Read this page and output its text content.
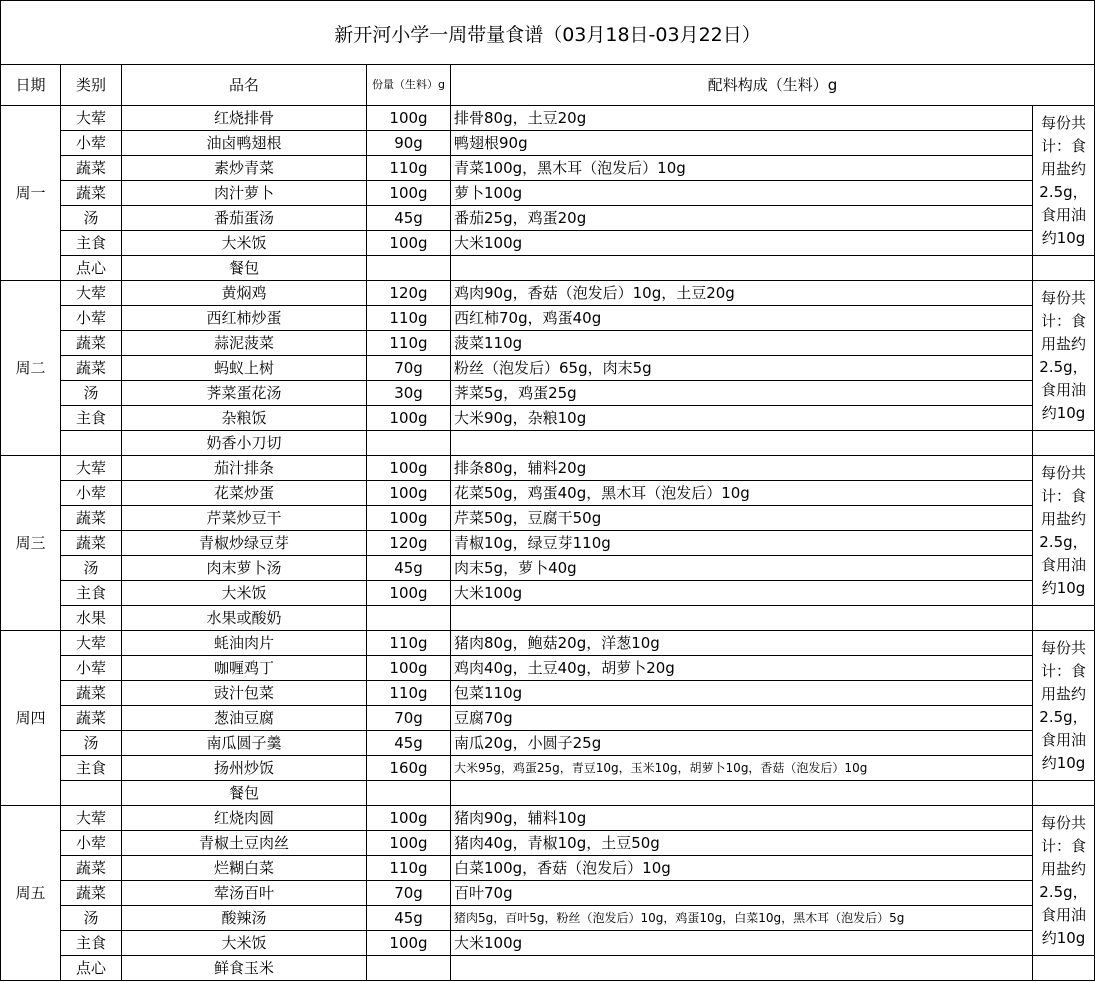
新开河小学一周带量食谱（03月18日-03月22日）
日期	类别	品名	份量（生料）g	配料构成（生料）g	
周一	大荤	红烧排骨	100g	排骨80g，土豆20g	每份共计：食用盐约2.5g，食用油约10g
	小荤	油卤鸭翅根	90g	鸭翅根90g	
	蔬菜	素炒青菜	110g	青菜100g，黑木耳（泡发后）10g	
	蔬菜	肉汁萝卜	100g	萝卜100g	
	汤	番茄蛋汤	45g	番茄25g，鸡蛋20g	
	主食	大米饭	100g	大米100g	
	点心	餐包			
周二	大荤	黄焖鸡	120g	鸡肉90g，香菇（泡发后）10g，土豆20g	每份共计：食用盐约2.5g，食用油约10g
	小荤	西红柿炒蛋	110g	西红柿70g，鸡蛋40g	
	蔬菜	蒜泥菠菜	110g	菠菜110g	
	蔬菜	蚂蚁上树	70g	粉丝（泡发后）65g，肉末5g	
	汤	荠菜蛋花汤	30g	荠菜5g，鸡蛋25g	
	主食	杂粮饭	100g	大米90g，杂粮10g	
		奶香小刀切			
周三	大荤	茄汁排条	100g	排条80g，辅料20g	每份共计：食用盐约2.5g，食用油约10g
	小荤	花菜炒蛋	100g	花菜50g，鸡蛋40g，黑木耳（泡发后）10g	
	蔬菜	芹菜炒豆干	100g	芹菜50g，豆腐干50g	
	蔬菜	青椒炒绿豆芽	120g	青椒10g，绿豆芽110g	
	汤	肉末萝卜汤	45g	肉末5g，萝卜40g	
	主食	大米饭	100g	大米100g	
	水果	水果或酸奶			
周四	大荤	蚝油肉片	110g	猪肉80g，鲍菇20g，洋葱10g	每份共计：食用盐约2.5g，食用油约10g
	小荤	咖喱鸡丁	100g	鸡肉40g，土豆40g，胡萝卜20g	
	蔬菜	豉汁包菜	110g	包菜110g	
	蔬菜	葱油豆腐	70g	豆腐70g	
	汤	南瓜圆子羹	45g	南瓜20g，小圆子25g	
	主食	扬州炒饭	160g	大米95g，鸡蛋25g，青豆10g，玉米10g，胡萝卜10g，香菇（泡发后）10g	
		餐包			
周五	大荤	红烧肉圆	100g	猪肉90g，辅料10g	每份共计：食用盐约2.5g，食用油约10g
	小荤	青椒土豆肉丝	100g	猪肉40g，青椒10g，土豆50g	
	蔬菜	烂糊白菜	110g	白菜100g，香菇（泡发后）10g	
	蔬菜	荤汤百叶	70g	百叶70g	
	汤	酸辣汤	45g	猪肉5g，百叶5g，粉丝（泡发后）10g，鸡蛋10g，白菜10g，黑木耳（泡发后）5g	
	主食	大米饭	100g	大米100g	
	点心	鲜食玉米			
